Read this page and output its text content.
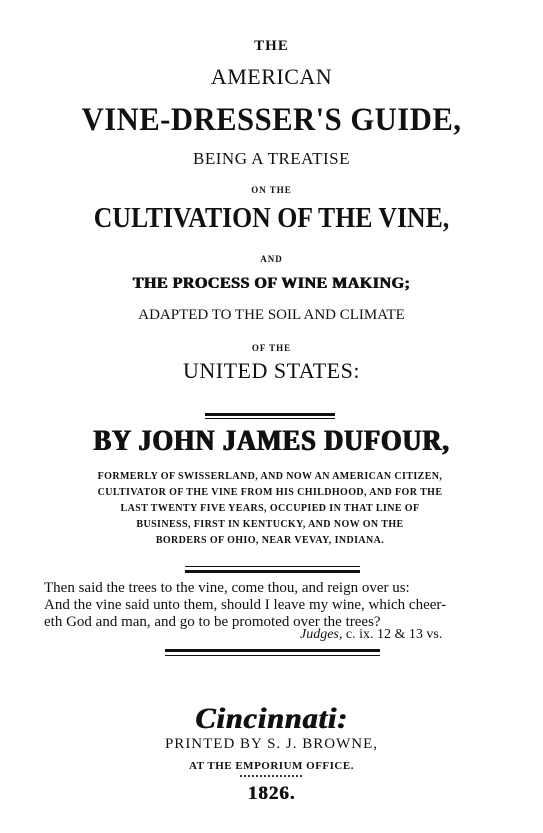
THE
AMERICAN
VINE-DRESSER'S GUIDE,
BEING A TREATISE
ON THE
CULTIVATION OF THE VINE,
AND
THE PROCESS OF WINE MAKING;
ADAPTED TO THE SOIL AND CLIMATE
OF THE
UNITED STATES:
BY JOHN JAMES DUFOUR,
FORMERLY OF SWISSERLAND, AND NOW AN AMERICAN CITIZEN,
CULTIVATOR OF THE VINE FROM HIS CHILDHOOD, AND FOR THE
LAST TWENTY FIVE YEARS, OCCUPIED IN THAT LINE OF
BUSINESS, FIRST IN KENTUCKY, AND NOW ON THE
BORDERS OF OHIO, NEAR VEVAY, INDIANA.
Then said the trees to the vine, come thou, and reign over us:
And the vine said unto them, should I leave my wine, which cheer-
eth God and man, and go to be promoted over the trees?
Judges, c. ix. 12 & 13 vs.
Cincinnati:
PRINTED BY S. J. BROWNE,
AT THE EMPORIUM OFFICE.
1826.
